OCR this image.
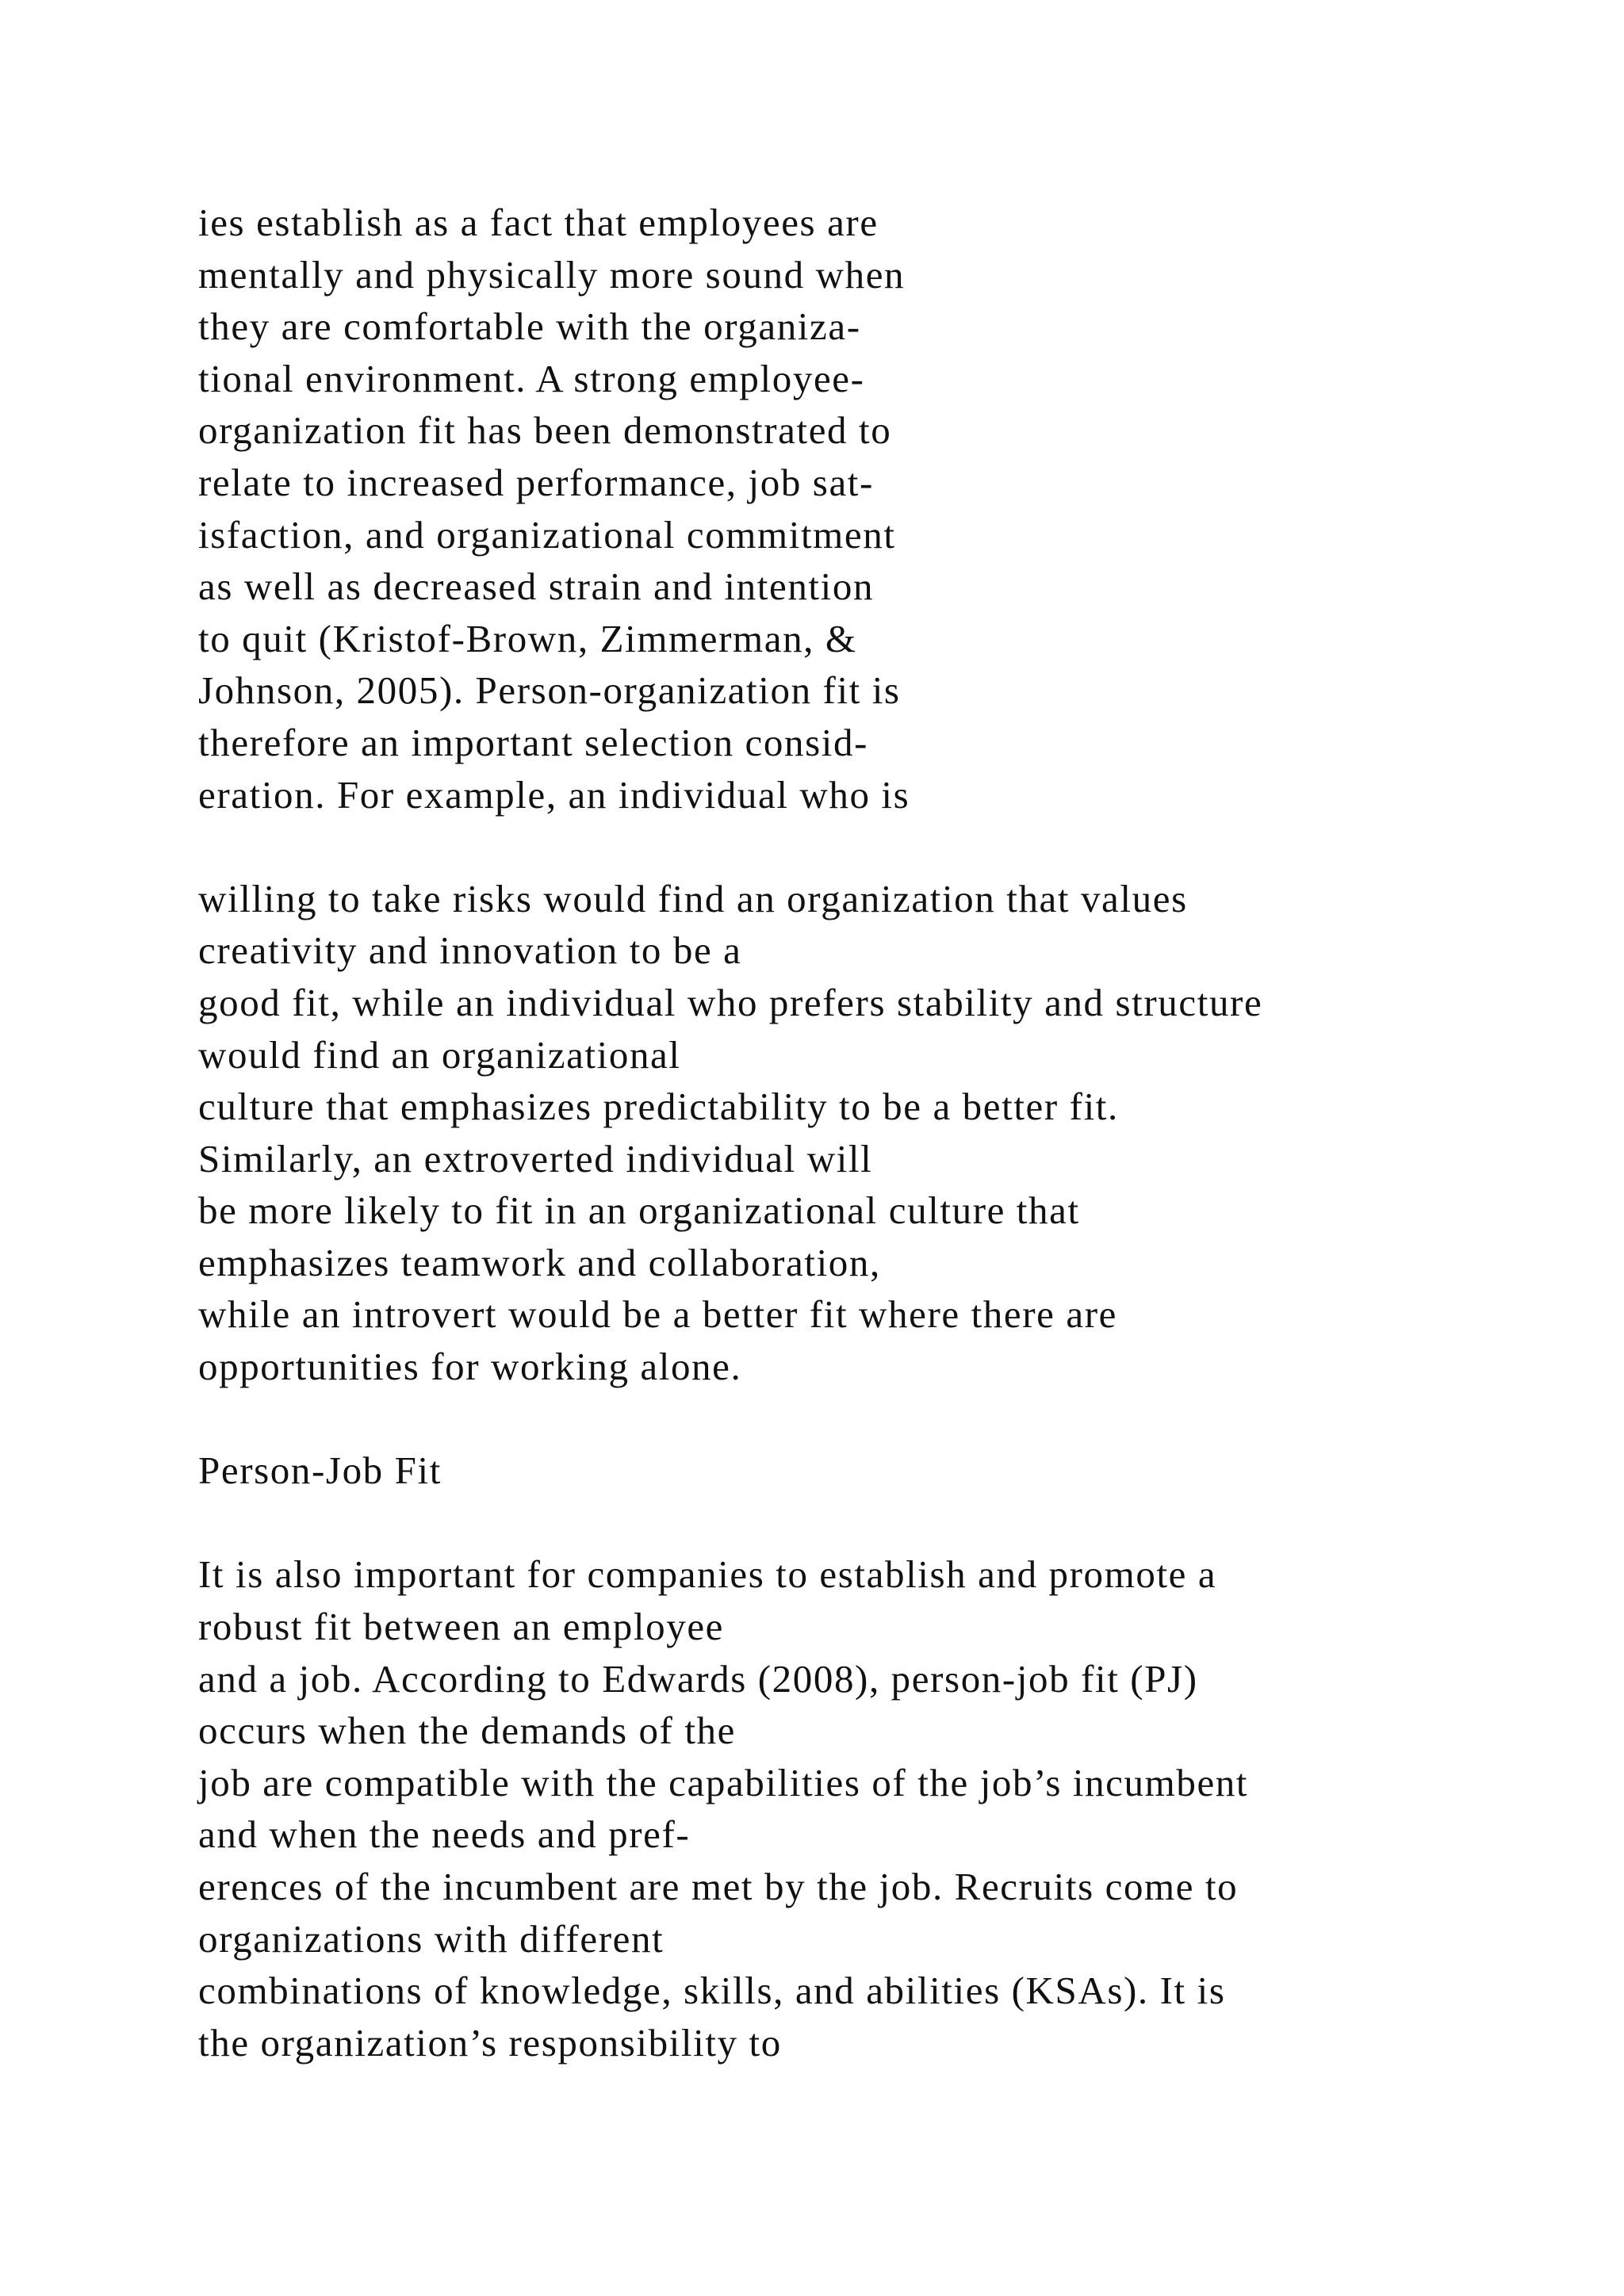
ies establish as a fact that employees are
mentally and physically more sound when
they are comfortable with the organiza-
tional environment. A strong employee-
organization fit has been demonstrated to
relate to increased performance, job sat-
isfaction, and organizational commitment
as well as decreased strain and intention
to quit (Kristof-Brown, Zimmerman, &
Johnson, 2005). Person-organization fit is
therefore an important selection consid-
eration. For example, an individual who is
willing to take risks would find an organization that values
creativity and innovation to be a
good fit, while an individual who prefers stability and structure
would find an organizational
culture that emphasizes predictability to be a better fit.
Similarly, an extroverted individual will
be more likely to fit in an organizational culture that
emphasizes teamwork and collaboration,
while an introvert would be a better fit where there are
opportunities for working alone.
Person-Job Fit
It is also important for companies to establish and promote a
robust fit between an employee
and a job. According to Edwards (2008), person-job fit (PJ)
occurs when the demands of the
job are compatible with the capabilities of the job’s incumbent
and when the needs and pref-
erences of the incumbent are met by the job. Recruits come to
organizations with different
combinations of knowledge, skills, and abilities (KSAs). It is
the organization’s responsibility to
